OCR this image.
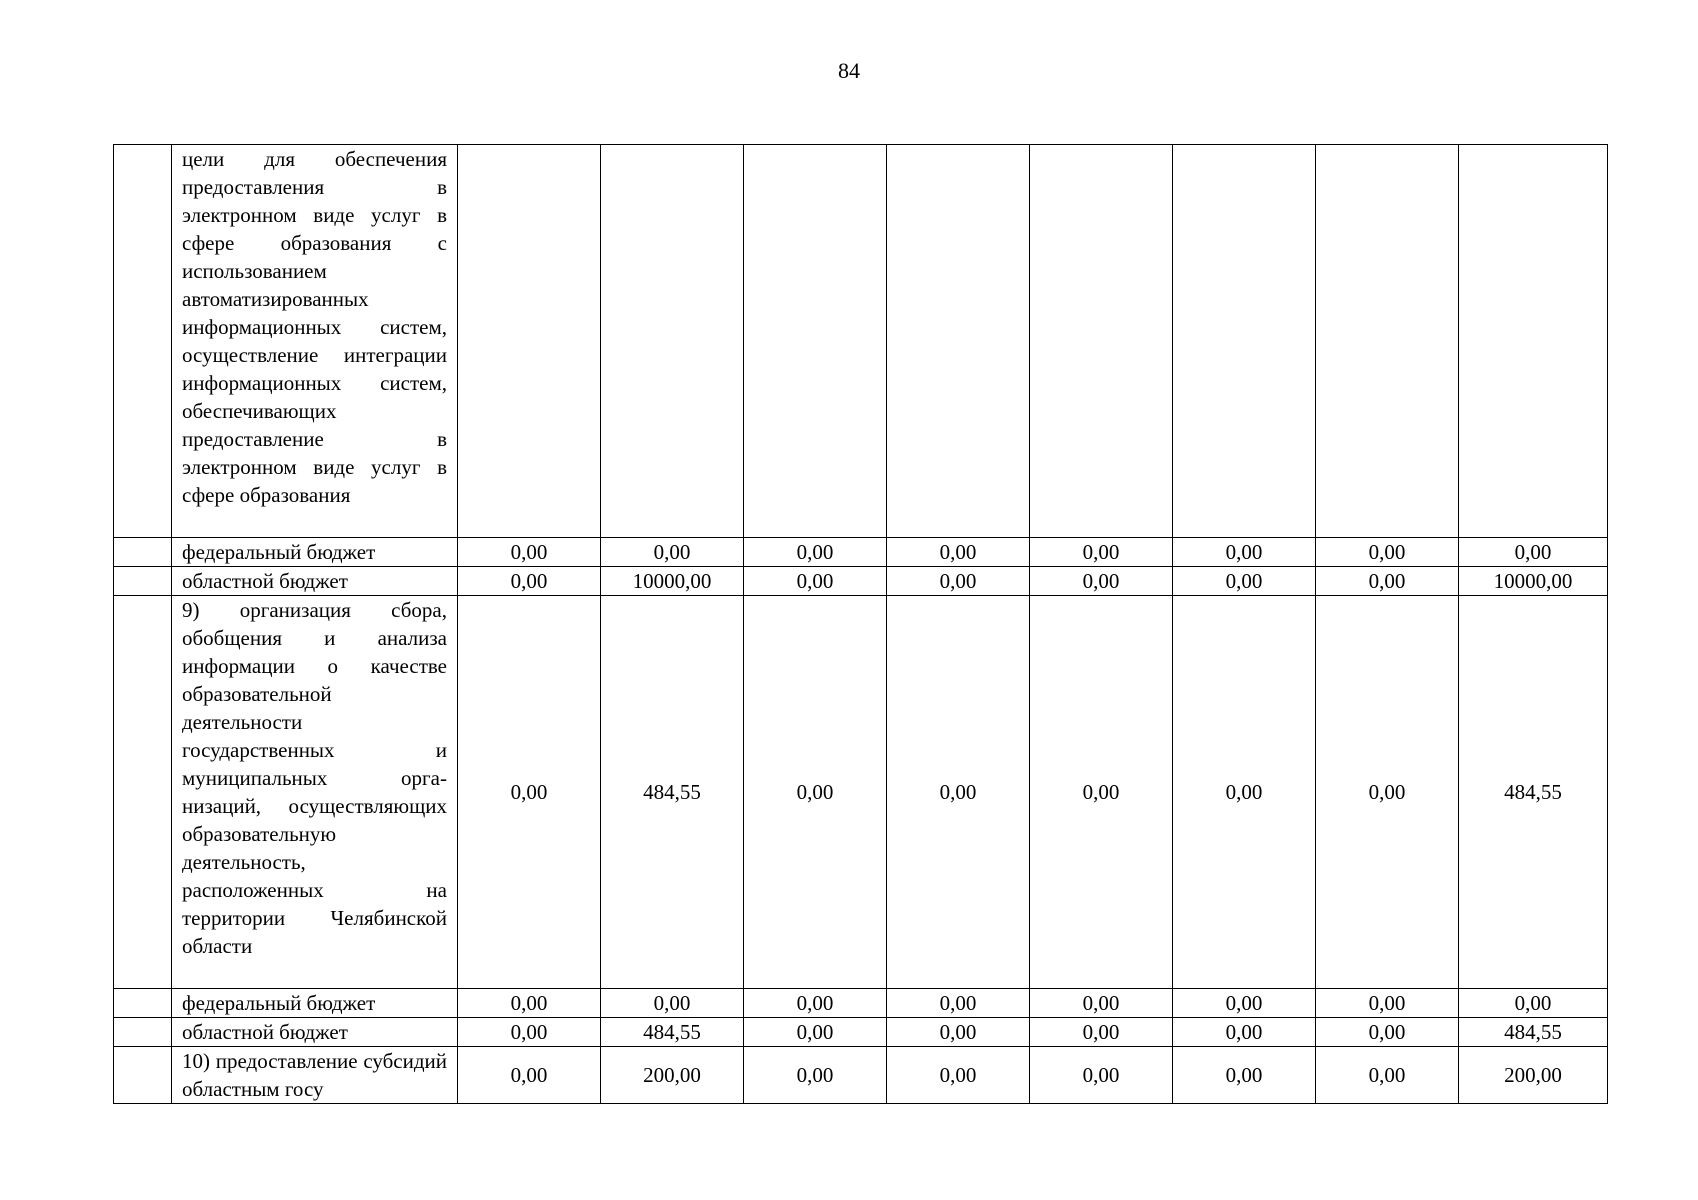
84
	цели для обеспечения предоставления в электронном виде услуг в сфере образования с использованием автоматизированных информационных систем, осуществление интеграции информационных систем, обеспечивающих предоставление в электронном виде услуг в сфере образования								
	федеральный бюджет	0,00	0,00	0,00	0,00	0,00	0,00	0,00	0,00
	областной бюджет	0,00	10000,00	0,00	0,00	0,00	0,00	0,00	10000,00
	9) организация сбора, обобщения и анализа информации о качестве образовательной деятельности государственных и муниципальных организаций, осуществляющих образовательную деятельность, расположенных на территории Челябинской области	0,00	484,55	0,00	0,00	0,00	0,00	0,00	484,55
	федеральный бюджет	0,00	0,00	0,00	0,00	0,00	0,00	0,00	0,00
	областной бюджет	0,00	484,55	0,00	0,00	0,00	0,00	0,00	484,55
	10) предоставление субсидий областным госу	0,00	200,00	0,00	0,00	0,00	0,00	0,00	200,00
